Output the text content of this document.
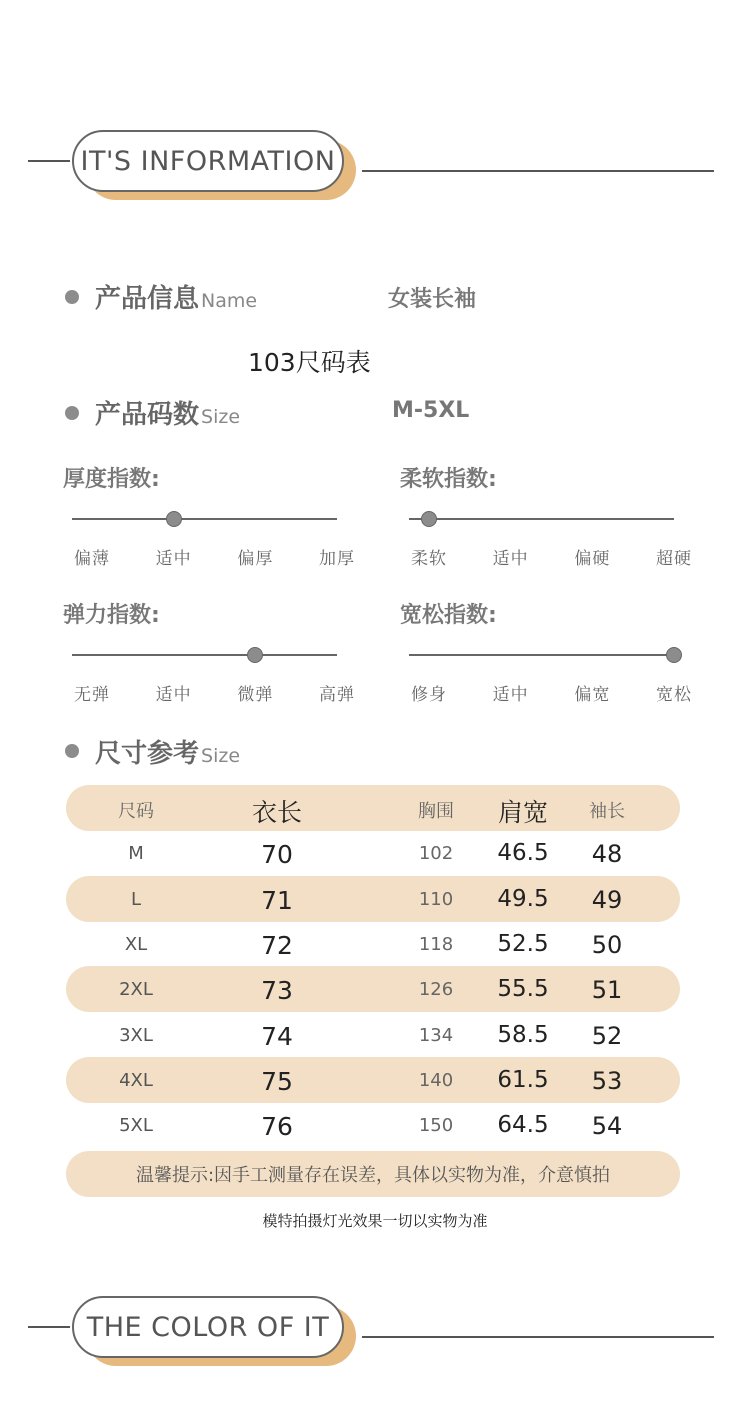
IT'S INFORMATION
产品信息 Name	女装长袖
103尺码表
产品码数 Size	M-5XL
厚度指数:
偏薄	适中	偏厚	加厚
柔软指数:
柔软	适中	偏硬	超硬
弹力指数:
无弹	适中	微弹	高弹
宽松指数:
修身	适中	偏宽	宽松
尺寸参考 Size
尺码	衣长	胸围 肩宽 袖长
M	70	102 46.5 48
L	71	110 49.5 49
XL	72	118 52.5 50
2XL	73	126 55.5 51
3XL	74	134 58.5 52
4XL	75	140 61.5 53
5XL	76	150 64.5 54
温馨提示:因手工测量存在误差，具体以实物为准，介意慎拍
模特拍摄灯光效果一切以实物为准
THE COLOR OF IT
